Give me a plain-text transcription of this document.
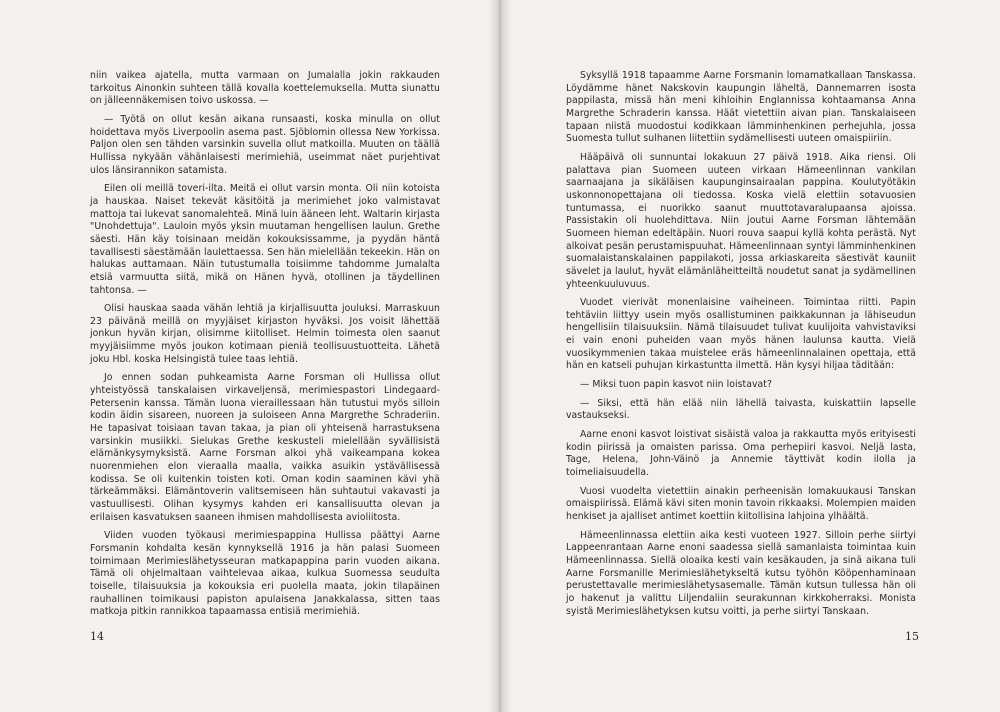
niin vaikea ajatella, mutta varmaan on Jumalalla jokin rakkauden tarkoitus Ainonkin suhteen tällä kovalla koettelemuksella. Mutta siunattu on jälleennäkemisen toivo uskossa. —

— Työtä on ollut kesän aikana runsaasti, koska minulla on ollut hoidettava myös Liverpoolin asema past. Sjöblomin ollessa New Yorkissa. Paljon olen sen tähden varsinkin suvella ollut matkoilla. Muuten on täällä Hullissa nykyään vähänlaisesti merimiehiä, useimmat näet purjehtivat ulos länsirannikon satamista.

Eilen oli meillä toveri-ilta. Meitä ei ollut varsin monta. Oli niin kotoista ja hauskaa. Naiset tekevät käsitöitä ja merimiehet joko valmistavat mattoja tai lukevat sanomalehteä. Minä luin ääneen leht. Waltarin kirjasta "Unohdettuja". Lauloin myös yksin muutaman hengellisen laulun. Grethe säesti. Hän käy toisinaan meidän kokouksissamme, ja pyydän häntä tavallisesti säestämään laulettaessa. Sen hän mielellään tekeekin. Hän on halukas auttamaan. Näin tutustumalla toisiimme tahdomme Jumalalta etsiä varmuutta siitä, mikä on Hänen hyvä, otollinen ja täydellinen tahtonsa. —

Olisi hauskaa saada vähän lehtiä ja kirjallisuutta jouluksi. Marraskuun 23 päivänä meillä on myyjäiset kirjaston hyväksi. Jos voisit lähettää jonkun hyvän kirjan, olisimme kiitolliset. Helmin toimesta olen saanut myyjäisiimme myös joukon kotimaan pieniä teollisuustuotteita. Lähetä joku Hbl. koska Helsingistä tulee taas lehtiä.

Jo ennen sodan puhkeamista Aarne Forsman oli Hullissa ollut yhteistyössä tanskalaisen virkaveljensä, merimiespastori Lindegaard-Petersenin kanssa. Tämän luona vieraillessaan hän tutustui myös silloin kodin äidin sisareen, nuoreen ja suloiseen Anna Margrethe Schraderiin. He tapasivat toisiaan tavan takaa, ja pian oli yhteisenä harrastuksena varsinkin musiikki. Sielukas Grethe keskusteli mielellään syvällisistä elämänkysymyksistä. Aarne Forsman alkoi yhä vaikeampana kokea nuorenmiehen elon vieraalla maalla, vaikka asuikin ystävällisessä kodissa. Se oli kuitenkin toisten koti. Oman kodin saaminen kävi yhä tärkeämmäksi. Elämäntoverin valitsemiseen hän suhtautui vakavasti ja vastuullisesti. Olihan kysymys kahden eri kansallisuutta olevan ja erilaisen kasvatuksen saaneen ihmisen mahdollisesta avioliitosta.

Viiden vuoden työkausi merimiespappina Hullissa päättyi Aarne Forsmanin kohdalta kesän kynnyksellä 1916 ja hän palasi Suomeen toimimaan Merimieslähetysseuran matkapappina parin vuoden aikana. Tämä oli ohjelmaltaan vaihtelevaa aikaa, kulkua Suomessa seudulta toiselle, tilaisuuksia ja kokouksia eri puolella maata, jokin tilapäinen rauhallinen toimikausi papiston apulaisena Janakkalassa, sitten taas matkoja pitkin rannikkoa tapaamassa entisiä merimiehiä.

14

Syksyllä 1918 tapaamme Aarne Forsmanin lomamatkallaan Tanskassa. Löydämme hänet Nakskovin kaupungin läheltä, Dannemarren isosta pappilasta, missä hän meni kihloihin Englannissa kohtaamansa Anna Margrethe Schraderin kanssa. Häät vietettiin aivan pian. Tanskalaiseen tapaan niistä muodostui kodikkaan lämminhenkinen perhejuhla, jossa Suomesta tullut sulhanen liitettiin sydämellisesti uuteen omaispiiriin.

Hääpäivä oli sunnuntai lokakuun 27 päivä 1918. Aika riensi. Oli palattava pian Suomeen uuteen virkaan Hämeenlinnan vankilan saarnaajana ja sikäläisen kaupunginsairaalan pappina. Koulutyötäkin uskonnonopettajana oli tiedossa. Koska vielä elettiin sotavuosien tuntumassa, ei nuorikko saanut muuttotavaralupaansa ajoissa. Passistakin oli huolehdittava. Niin joutui Aarne Forsman lähtemään Suomeen hieman edeltäpäin. Nuori rouva saapui kyllä kohta perästä. Nyt alkoivat pesän perustamispuuhat. Hämeenlinnaan syntyi lämminhenkinen suomalaistanskalainen pappilakoti, jossa arkiaskareita säestivät kauniit sävelet ja laulut, hyvät elämänläheitteiltä noudetut sanat ja sydämellinen yhteenkuuluvuus.

Vuodet vierivät monenlaisine vaiheineen. Toimintaa riitti. Papin tehtäviin liittyy usein myös osallistuminen paikkakunnan ja lähiseudun hengellisiin tilaisuuksiin. Nämä tilaisuudet tulivat kuulijoita vahvistaviksi ei vain enoni puheiden vaan myös hänen laulunsa kautta. Vielä vuosikymmenien takaa muistelee eräs hämeenlinnalainen opettaja, että hän en katseli puhujan kirkastuntta ilmettä. Hän kysyi hiljaa täditään:

— Miksi tuon papin kasvot niin loistavat?

— Siksi, että hän elää niin lähellä taivasta, kuiskattiin lapselle vastaukseksi.

Aarne enoni kasvot loistivat sisäistä valoa ja rakkautta myös erityisesti kodin piirissä ja omaisten parissa. Oma perhepiiri kasvoi. Neljä lasta, Tage, Helena, John-Väinö ja Annemie täyttivät kodin ilolla ja toimeliaisuudella.

Vuosi vuodelta vietettiin ainakin perheenisän lomakuukausi Tanskan omaispiirissä. Elämä kävi siten monin tavoin rikkaaksi. Molempien maiden henkiset ja ajalliset antimet koettiin kiitollisina lahjoina ylhäältä.

Hämeenlinnassa elettiin aika kesti vuoteen 1927. Silloin perhe siirtyi Lappeenrantaan Aarne enoni saadessa siellä samanlaista toimintaa kuin Hämeenlinnassa. Siellä oloaika kesti vain kesäkauden, ja sinä aikana tuli Aarne Forsmanille Merimieslähetykseltä kutsu työhön Kööpenhaminaan perustettavalle merimieslähetysasemalle. Tämän kutsun tullessa hän oli jo hakenut ja valittu Liljendaliin seurakunnan kirkkoherraksi. Monista syistä Merimieslähetyksen kutsu voitti, ja perhe siirtyi Tanskaan.

15
